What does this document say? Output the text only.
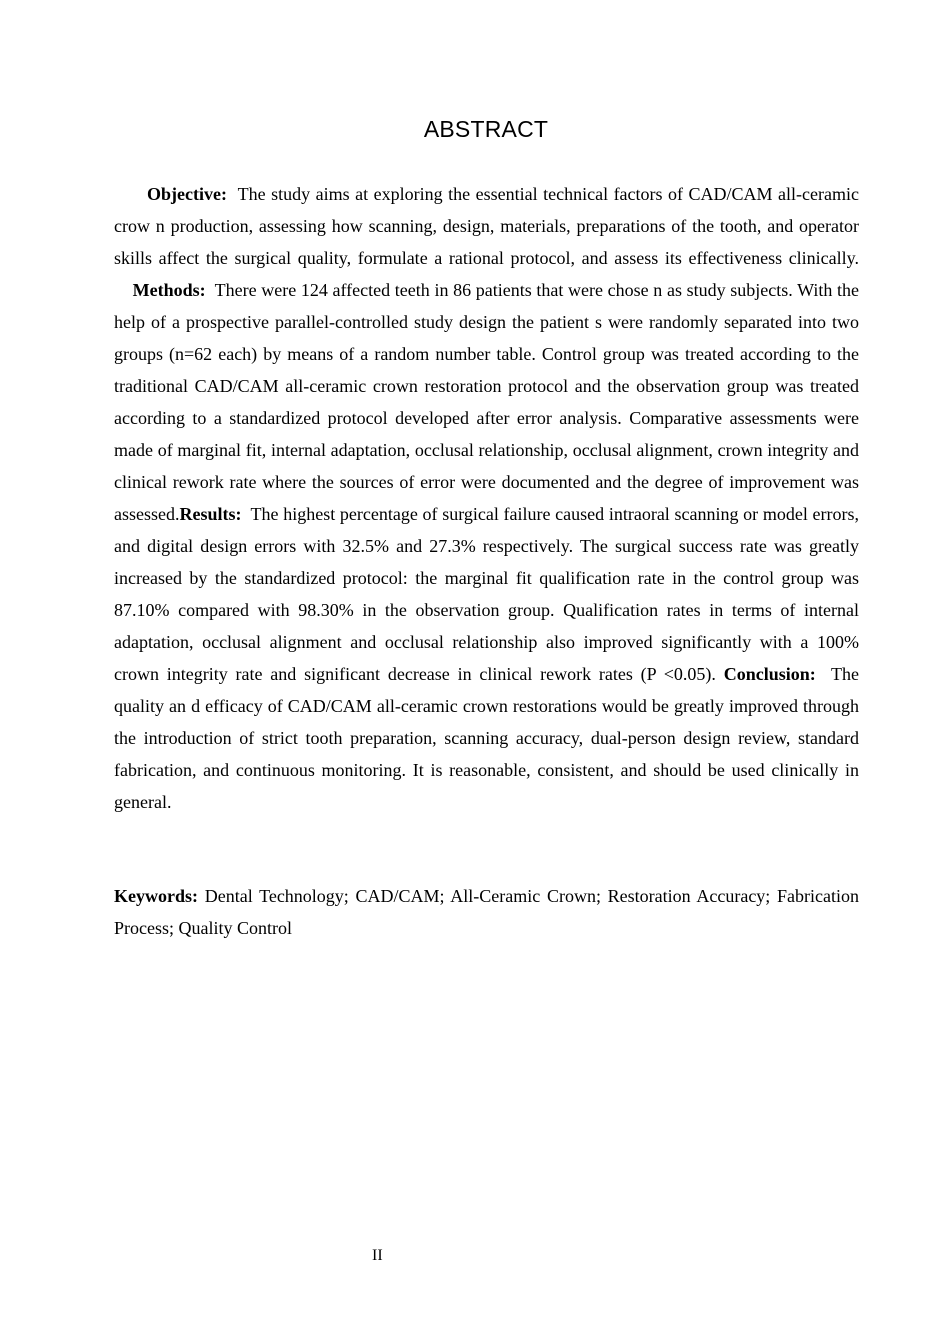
ABSTRACT

Objective: The study aims at exploring the essential technical factors of CAD/CAM all-ceramic crow n production, assessing how scanning, design, materials, preparations of the tooth, and operator skills affect the surgical quality, formulate a rational protocol, and assess its effectiveness clinically.    Methods: There were 124 affected teeth in 86 patients that were chose n as study subjects. With the help of a prospective parallel-controlled study design the patient s were randomly separated into two groups (n=62 each) by means of a random number table. Control group was treated according to the traditional CAD/CAM all-ceramic crown restoration protocol and the observation group was treated according to a standardized protocol developed after error analysis. Comparative assessments were made of marginal fit, internal adaptation, occlusal relationship, occlusal alignment, crown integrity and clinical rework rate where the sources of error were documented and the degree of improvement was assessed.Results: The highest percentage of surgical failure caused intraoral scanning or model errors, and digital design errors with 32.5% and 27.3% respectively. The surgical success rate was greatly increased by the standardized protocol: the marginal fit qualification rate in the control group was 87.10% compared with 98.30% in the observation group. Qualification rates in terms of internal adaptation, occlusal alignment and occlusal relationship also improved significantly with a 100% crown integrity rate and significant decrease in clinical rework rates (P <0.05). Conclusion: The quality an d efficacy of CAD/CAM all-ceramic crown restorations would be greatly improved through the introduction of strict tooth preparation, scanning accuracy, dual-person design review, standard fabrication, and continuous monitoring. It is reasonable, consistent, and should be used clinically in general.

Keywords: Dental Technology; CAD/CAM; All-Ceramic Crown; Restoration Accuracy; Fabrication Process; Quality Control

II
